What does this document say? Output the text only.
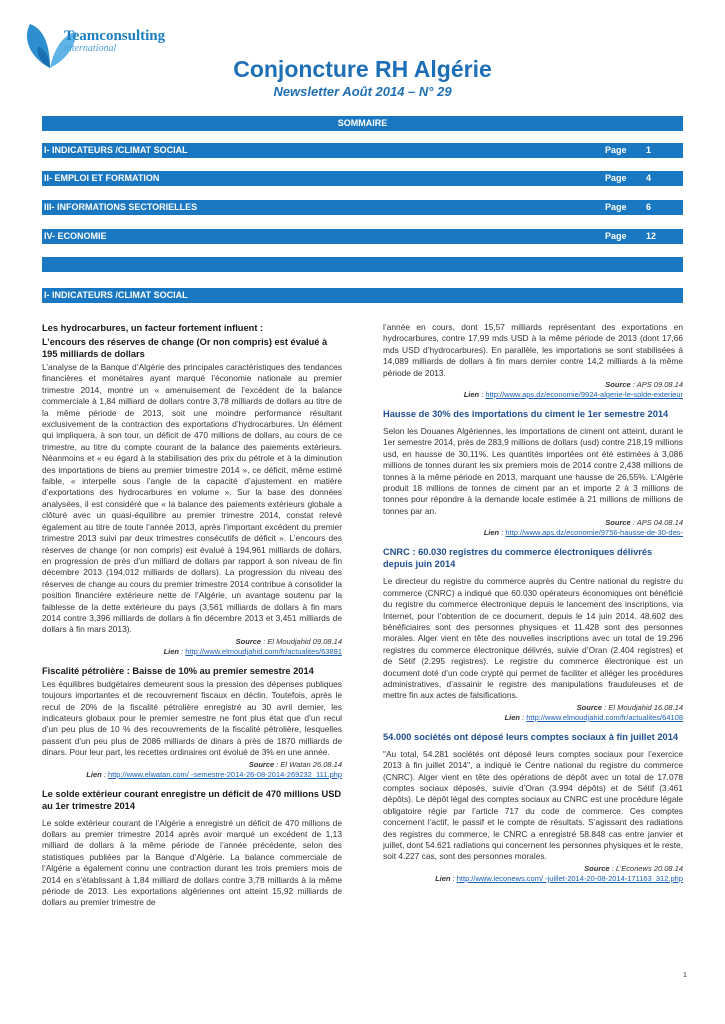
Teamconsulting
international
Conjoncture RH Algérie
Newsletter Août 2014 – N° 29
SOMMAIRE
I- INDICATEURS /CLIMAT SOCIAL	Page 1
II- EMPLOI ET FORMATION	Page 4
III- INFORMATIONS SECTORIELLES	Page 6
IV- ECONOMIE	Page 12
I- INDICATEURS /CLIMAT SOCIAL
Les hydrocarbures, un facteur fortement influent :
L’encours des réserves de change (Or non compris) est évalué à 195 milliards de dollars

L’analyse de la Banque d’Algérie des principales caractéristiques des tendances financières et monétaires ayant marqué l’économie nationale au premier trimestre 2014, montre un « amenuisement de l’excédent de la balance commerciale à 1,84 milliard de dollars contre 3,78 milliards de dollars au titre de la même période de 2013, soit une moindre performance résultant exclusivement de la contraction des exportations d’hydrocarbures. Un élément qui impliquera, à son tour, un déficit de 470 millions de dollars, au cours de ce trimestre, au titre du compte courant de la balance des paiements extérieurs. Néanmoins et « eu égard à la stabilisation des prix du pétrole et à la diminution des importations de biens au premier trimestre 2014 », ce déficit, même estimé faible, « interpelle sous l’angle de la capacité d’ajustement en matière d’exportations des hydrocarbures en volume ». Sur la base des données analysées, il est considéré que « la balance des paiements extérieurs globale a clôturé avec un quasi-équilibre au premier trimestre 2014, constat relevé également au titre de toute l’année 2013, après l’important excédent du premier trimestre 2013 suivi par deux trimestres consécutifs de déficit ». L’encours des réserves de change (or non compris) est évalué à 194,961 milliards de dollars, en progression de près d’un milliard de dollars par rapport à son niveau de fin décembre 2013 (194,012 milliards de dollars). La progression du niveau des réserves de change au cours du premier trimestre 2014 contribue à consolider la position financière extérieure nette de l’Algérie, un avantage soutenu par la faiblesse de la dette extérieure du pays (3,561 milliards de dollars à fin mars 2014 contre 3,396 milliards de dollars à fin décembre 2013 et 3,451 milliards de dollars à fin mars 2013).

Source : El Moudjahid 09.08.14
Lien : http://www.elmoudjahid.com/fr/actualites/63891
Fiscalité pétrolière : Baisse de 10% au premier semestre 2014

Les équilibres budgétaires demeurent sous la pression des dépenses publiques toujours importantes et de recouvrement fiscaux en déclin. Toutefois, après le recul de 20% de la fiscalité pétrolière enregistré au 30 avril dernier, les indicateurs globaux pour le premier semestre ne font plus état que d’un recul d’un peu plus de 10 % des recouvrements de la fiscalité pétrolière, lesquelles passent d’un peu plus de 2086 milliards de dinars à près de 1870 milliards de dinars. Pour leur part, les recettes ordinaires ont évolué de 3% en une année.

Source : El Watan 26.08.14
Lien : http://www.elwatan.com/ -semestre-2014-26-08-2014-269232_111.php
Le solde extérieur courant enregistre un déficit de 470 millions USD au 1er trimestre 2014

Le solde extérieur courant de l’Algérie a enregistré un déficit de 470 millions de dollars au premier trimestre 2014 après avoir marqué un excédent de 1,13 milliard de dollars à la même période de l’année précédente, selon des statistiques publiées par la Banque d’Algérie. La balance commerciale de l’Algérie a également connu une contraction durant les trois premiers mois de 2014 en s’établissant à 1,84 milliard de dollars contre 3,78 milliards à la même période de 2013. Les exportations algériennes ont atteint 15,92 milliards de dollars au premier trimestre de

l’année en cours, dont 15,57 milliards représentant des exportations en hydrocarbures, contre 17,99 mds USD à la même période de 2013 (dont 17,66 mds USD d’hydrocarbures). En parallèle, les importations se sont stabilisées à 14,089 milliards de dollars à fin mars dernier contre 14,2 milliards à la même période de 2013.

Source : APS 09.08.14
Lien : http://www.aps.dz/economie/9924-algerie-le-solde-exterieur
Hausse de 30% des importations du ciment le 1er semestre 2014

Selon les Douanes Algériennes, les importations de ciment ont atteint, durant le 1er semestre 2014, près de 283,9 millions de dollars (usd) contre 218,19 millions usd, en hausse de 30,11%. Les quantités importées ont été estimées à 3,086 millions de tonnes durant les six premiers mois de 2014 contre 2,438 millions de tonnes à la même période en 2013, marquant une hausse de 26,55%. L’Algérie produit 18 millions de tonnes de ciment par an et importe 2 à 3 millions de tonnes pour répondre à la demande locale estimée à 21 millions de millions de tonnes par an.

Source : APS 04.08.14
Lien : http://www.aps.dz/economie/9756-hausse-de-30-des-
CNRC : 60.030 registres du commerce électroniques délivrés depuis juin 2014

Le directeur du registre du commerce auprès du Centre national du registre du commerce (CNRC) a indiqué que 60.030 opérateurs économiques ont bénéficié du registre du commerce électronique depuis le lancement des inscriptions, via Internet, pour l’obtention de ce document, depuis le 14 juin 2014. 48.602 des bénéficiaires sont des personnes physiques et 11.428 sont des personnes morales. Alger vient en tête des nouvelles inscriptions avec un total de 19.296 registres du commerce électronique délivrés, suivie d’Oran (2.404 registres) et de Sétif (2.295 registres). Le registre du commerce électronique est un document doté d’un code crypté qui permet de faciliter et alléger les procédures administratives, d’assainir le registre des manipulations frauduleuses et de mettre fin aux actes de falsifications.

Source : El Moudjahid 16.08.14
Lien : http://www.elmoudjahid.com/fr/actualites/64108
54.000 sociétés ont déposé leurs comptes sociaux à fin juillet 2014

"Au total, 54.281 sociétés ont déposé leurs comptes sociaux pour l’exercice 2013 à fin juillet 2014", a indiqué le Centre national du registre du commerce (CNRC). Alger vient en tête des opérations de dépôt avec un total de 17.078 comptes sociaux déposés, suivie d’Oran (3.994 dépôts) et de Sétif (3.461 dépôts). Le dépôt légal des comptes sociaux au CNRC est une procédure légale obligatoire régie par l’article 717 du code de commerce. Ces comptes concernent l’actif, le passif et le compte de résultats. S’agissant des radiations des registres du commerce, le CNRC a enregistré 58.848 cas entre janvier et juillet, dont 54.621 radiations qui concernent les personnes physiques et le reste, soit 4.227 cas, sont des personnes morales.

Source : L’Econews 20.08.14
Lien : http://www.leconews.com/ -juillet-2014-20-08-2014-171163_312.php
1
